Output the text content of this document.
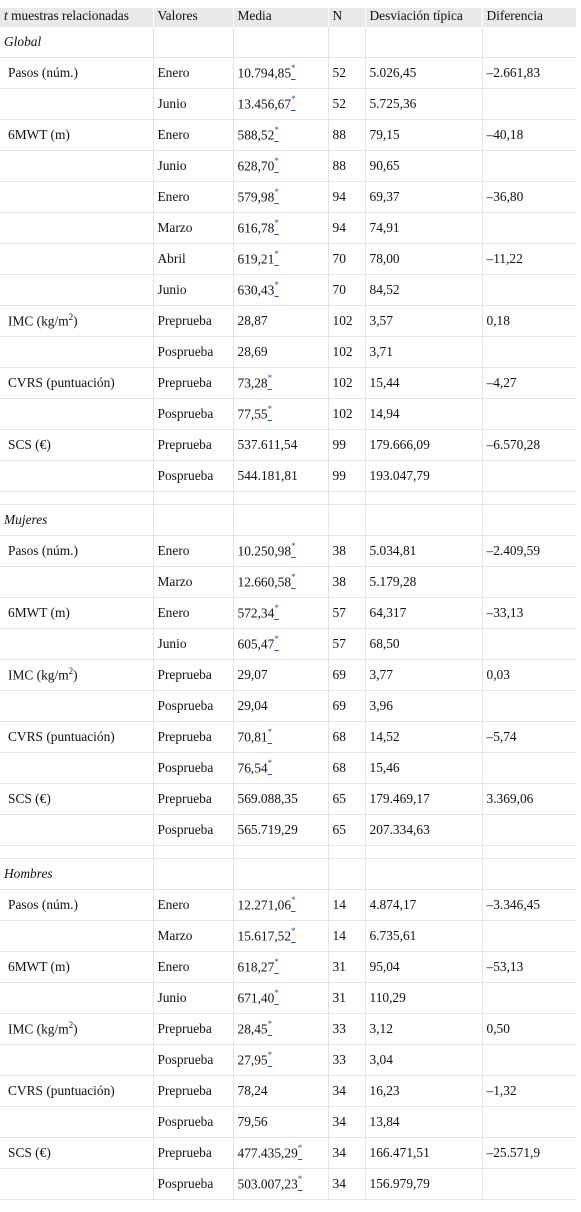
t muestras relacionadas	Valores	Media	N	Desviación típica	Diferencia
Global					
Pasos (núm.)	Enero	10.794,85*	52	5.026,45	–2.661,83
	Junio	13.456,67*	52	5.725,36	
6MWT (m)	Enero	588,52*	88	79,15	–40,18
	Junio	628,70*	88	90,65	
	Enero	579,98*	94	69,37	–36,80
	Marzo	616,78*	94	74,91	
	Abril	619,21*	70	78,00	–11,22
	Junio	630,43*	70	84,52	
IMC $(kg/m^2)$	Preprueba	28,87	102	3,57	0,18
	Posprueba	28,69	102	3,71	
CVRS (puntuación)	Preprueba	73,28*	102	15,44	–4,27
	Posprueba	77,55*	102	14,94	
SCS (€)	Preprueba	537.611,54	99	179.666,09	–6.570,28
	Posprueba	544.181,81	99	193.047,79	

Mujeres					
Pasos (núm.)	Enero	10.250,98*	38	5.034,81	–2.409,59
	Marzo	12.660,58*	38	5.179,28	
6MWT (m)	Enero	572,34*	57	64,317	–33,13
	Junio	605,47*	57	68,50	
IMC $(kg/m^2)$	Preprueba	29,07	69	3,77	0,03
	Posprueba	29,04	69	3,96	
CVRS (puntuación)	Preprueba	70,81*	68	14,52	–5,74
	Posprueba	76,54*	68	15,46	
SCS (€)	Preprueba	569.088,35	65	179.469,17	3.369,06
	Posprueba	565.719,29	65	207.334,63	

Hombres					
Pasos (núm.)	Enero	12.271,06*	14	4.874,17	–3.346,45
	Marzo	15.617,52*	14	6.735,61	
6MWT (m)	Enero	618,27*	31	95,04	–53,13
	Junio	671,40*	31	110,29	
IMC $(kg/m^2)$	Preprueba	28,45*	33	3,12	0,50
	Posprueba	27,95*	33	3,04	
CVRS (puntuación)	Preprueba	78,24	34	16,23	–1,32
	Posprueba	79,56	34	13,84	
SCS (€)	Preprueba	477.435,29*	34	166.471,51	–25.571,9
	Posprueba	503.007,23*	34	156.979,79	
